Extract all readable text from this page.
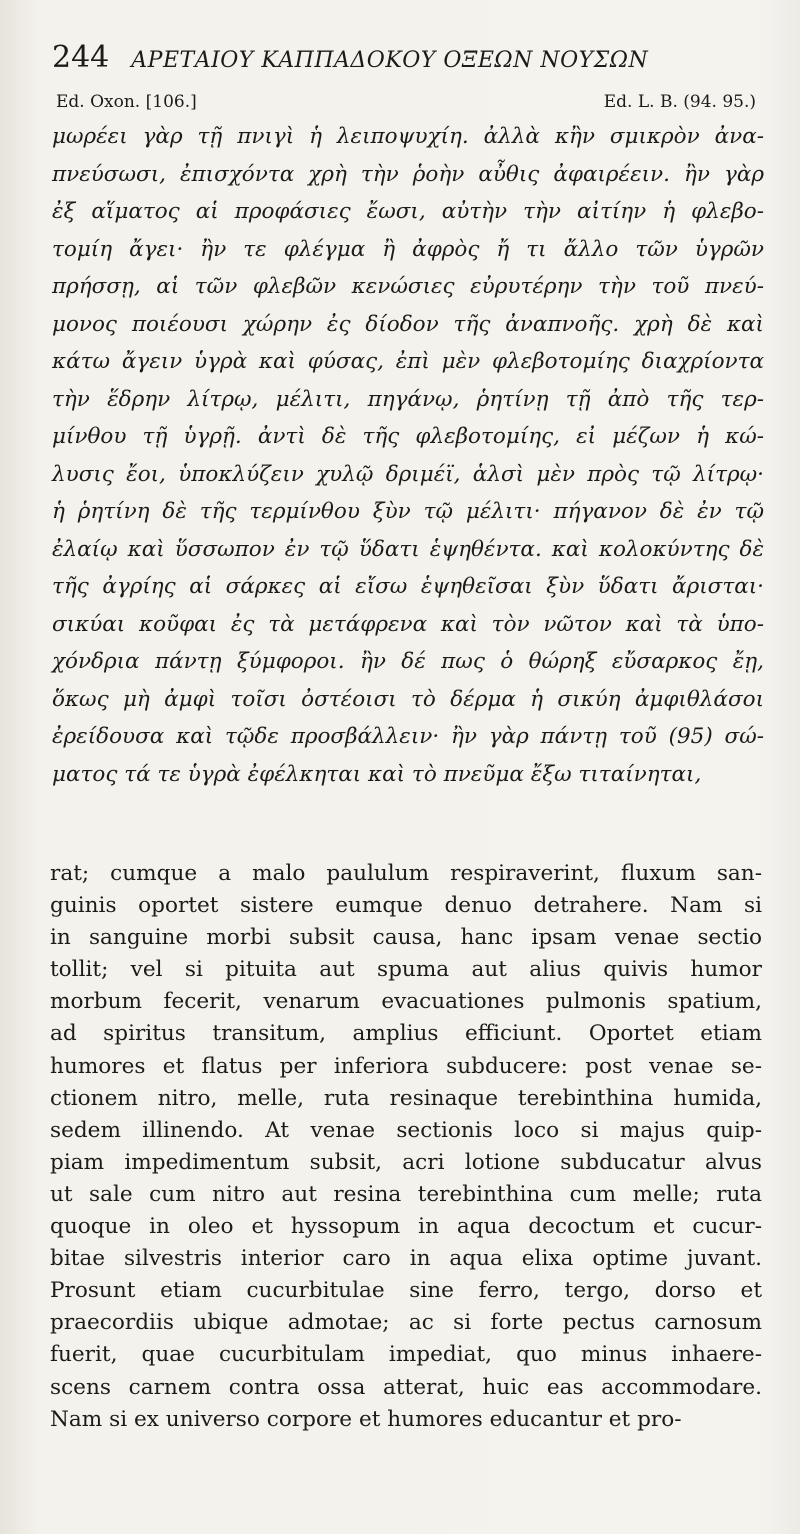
244 ΑΡΕΤΑΙΟΥ ΚΑΠΠΑΔΟΚΟΥ ΟΞΕΩΝ ΝΟΥΣΩΝ
Ed. Oxon. [106.]	Ed. L. B. (94. 95.)
μωρέει γὰρ τῇ πνιγὶ ἡ λειποψυχίη. ἀλλὰ κἢν σμικρὸν ἀνα-
πνεύσωσι, ἐπισχόντα χρὴ τὴν ῥοὴν αὖθις ἀφαιρέειν. ἢν γὰρ
ἐξ αἵματος αἱ προφάσιες ἔωσι, αὐτὴν τὴν αἰτίην ἡ φλεβο-
τομίη ἄγει· ἢν τε φλέγμα ἢ ἀφρὸς ἤ τι ἄλλο τῶν ὑγρῶν
πρήσσῃ, αἱ τῶν φλεβῶν κενώσιες εὐρυτέρην τὴν τοῦ πνεύ-
μονος ποιέουσι χώρην ἐς δίοδον τῆς ἀναπνοῆς. χρὴ δὲ καὶ
κάτω ἄγειν ὑγρὰ καὶ φύσας, ἐπὶ μὲν φλεβοτομίης διαχρίοντα
τὴν ἕδρην λίτρῳ, μέλιτι, πηγάνῳ, ῥητίνῃ τῇ ἀπὸ τῆς τερ-
μίνθου τῇ ὑγρῇ. ἀντὶ δὲ τῆς φλεβοτομίης, εἰ μέζων ἡ κώ-
λυσις ἔοι, ὑποκλύζειν χυλῷ δριμέϊ, ἁλσὶ μὲν πρὸς τῷ λίτρῳ·
ἡ ῥητίνη δὲ τῆς τερμίνθου ξὺν τῷ μέλιτι· πήγανον δὲ ἐν τῷ
ἐλαίῳ καὶ ὕσσωπον ἐν τῷ ὕδατι ἑψηθέντα. καὶ κολοκύντης δὲ
τῆς ἀγρίης αἱ σάρκες αἱ εἴσω ἑψηθεῖσαι ξὺν ὕδατι ἄρισται·
σικύαι κοῦφαι ἐς τὰ μετάφρενα καὶ τὸν νῶτον καὶ τὰ ὑπο-
χόνδρια πάντῃ ξύμφοροι. ἢν δέ πως ὁ θώρηξ εὔσαρκος ἔῃ,
ὅκως μὴ ἀμφὶ τοῖσι ὀστέοισι τὸ δέρμα ἡ σικύη ἀμφιθλάσοι
ἐρείδουσα καὶ τῷδε προσβάλλειν· ἢν γὰρ πάντῃ τοῦ (95) σώ-
ματος τά τε ὑγρὰ ἐφέλκηται καὶ τὸ πνεῦμα ἔξω τιταίνηται,
rat; cumque a malo paululum respiraverint, fluxum san-
guinis oportet sistere eumque denuo detrahere. Nam si
in sanguine morbi subsit causa, hanc ipsam venae sectio
tollit; vel si pituita aut spuma aut alius quivis humor
morbum fecerit, venarum evacuationes pulmonis spatium,
ad spiritus transitum, amplius efficiunt. Oportet etiam
humores et flatus per inferiora subducere: post venae se-
ctionem nitro, melle, ruta resinaque terebinthina humida,
sedem illinendo. At venae sectionis loco si majus quip-
piam impedimentum subsit, acri lotione subducatur alvus
ut sale cum nitro aut resina terebinthina cum melle; ruta
quoque in oleo et hyssopum in aqua decoctum et cucur-
bitae silvestris interior caro in aqua elixa optime juvant.
Prosunt etiam cucurbitulae sine ferro, tergo, dorso et
praecordiis ubique admotae; ac si forte pectus carnosum
fuerit, quae cucurbitulam impediat, quo minus inhaere-
scens carnem contra ossa atterat, huic eas accommodare.
Nam si ex universo corpore et humores educantur et pro-
